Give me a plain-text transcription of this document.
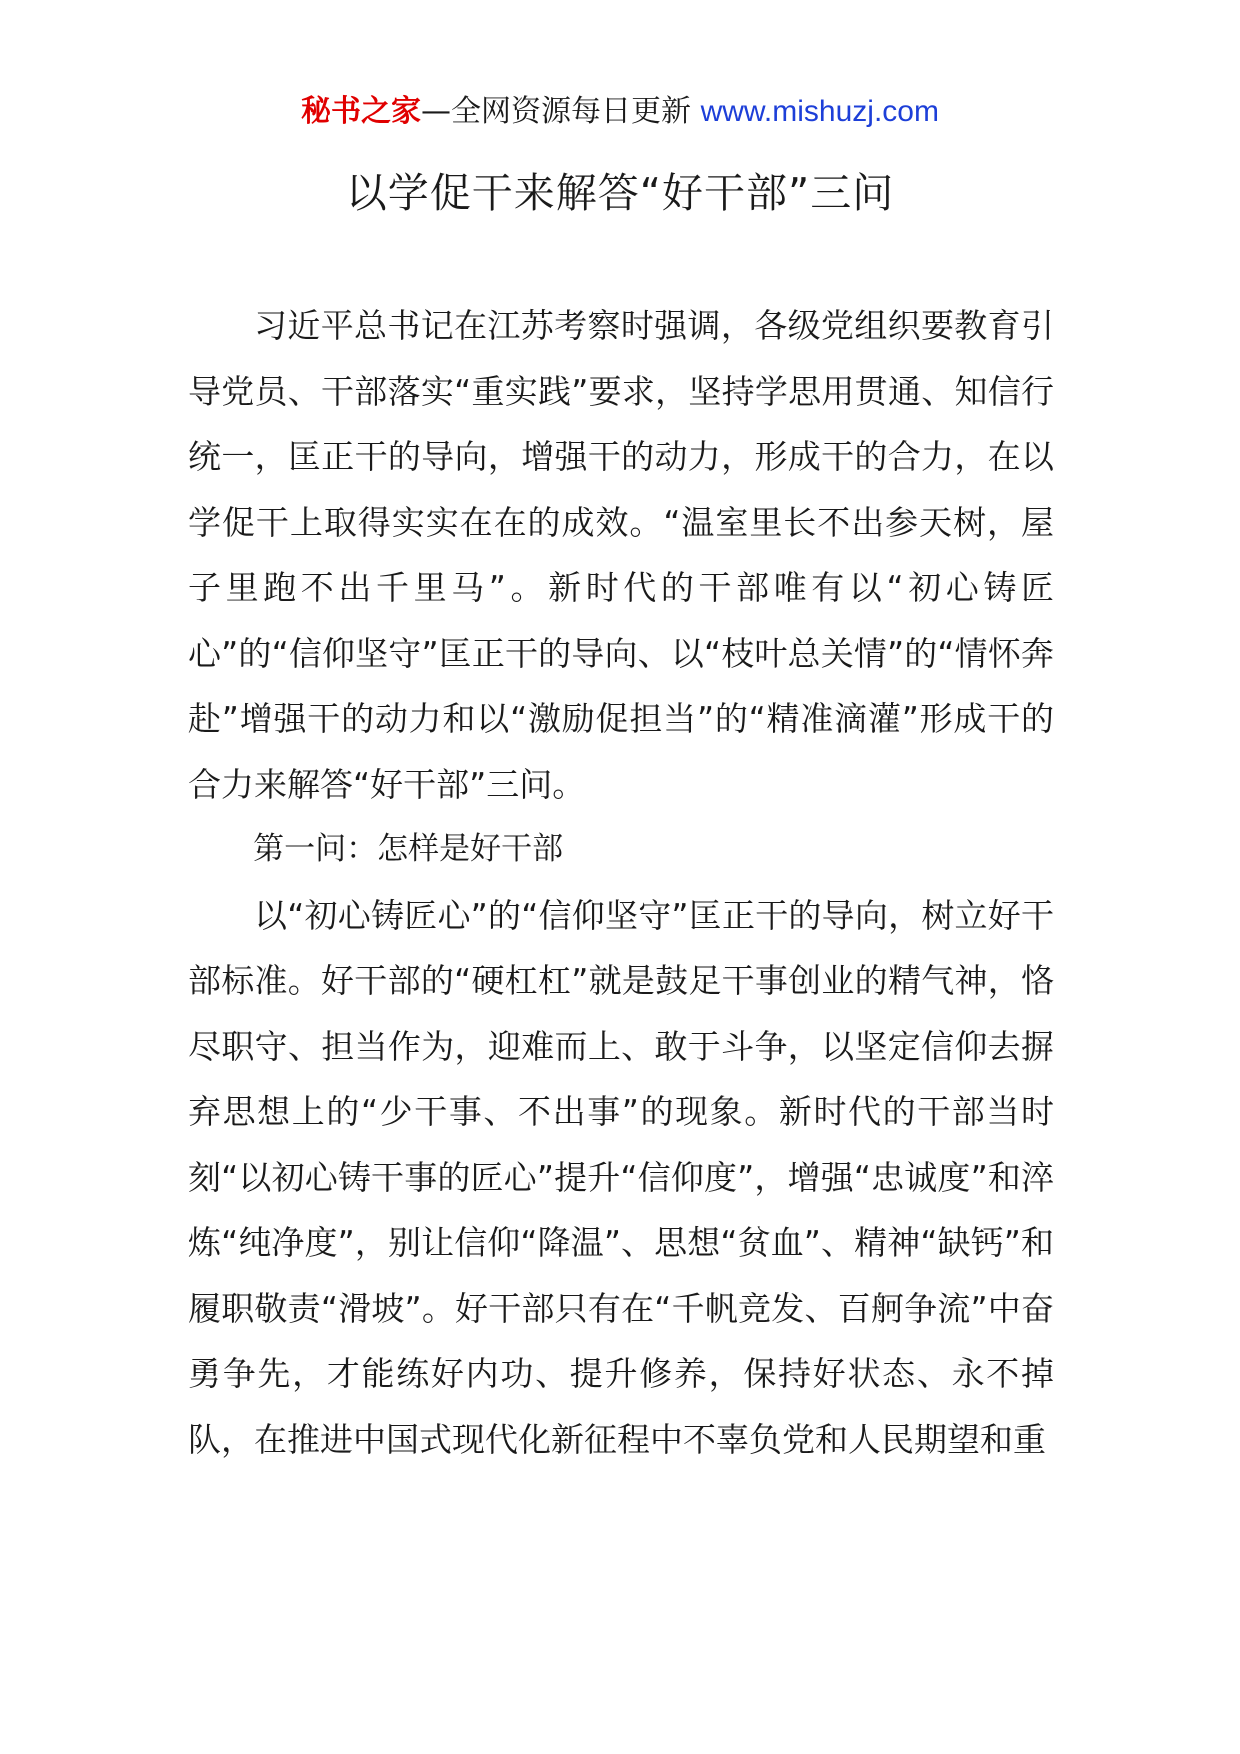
秘书之家—全网资源每日更新 www.mishuzj.com
以学促干来解答“好干部”三问

习近平总书记在江苏考察时强调，各级党组织要教育引导党员、干部落实“重实践”要求，坚持学思用贯通、知信行统一，匡正干的导向，增强干的动力，形成干的合力，在以学促干上取得实实在在的成效。“温室里长不出参天树，屋子里跑不出千里马”。新时代的干部唯有以“初心铸匠心”的“信仰坚守”匡正干的导向、以“枝叶总关情”的“情怀奔赴”增强干的动力和以“激励促担当”的“精准滴灌”形成干的合力来解答“好干部”三问。

第一问：怎样是好干部

以“初心铸匠心”的“信仰坚守”匡正干的导向，树立好干部标准。好干部的“硬杠杠”就是鼓足干事创业的精气神，恪尽职守、担当作为，迎难而上、敢于斗争，以坚定信仰去摒弃思想上的“少干事、不出事”的现象。新时代的干部当时刻“以初心铸干事的匠心”提升“信仰度”，增强“忠诚度”和淬炼“纯净度”，别让信仰“降温”、思想“贫血”、精神“缺钙”和履职敬责“滑坡”。好干部只有在“千帆竞发、百舸争流”中奋勇争先，才能练好内功、提升修养，保持好状态、永不掉队，在推进中国式现代化新征程中不辜负党和人民期望和重
